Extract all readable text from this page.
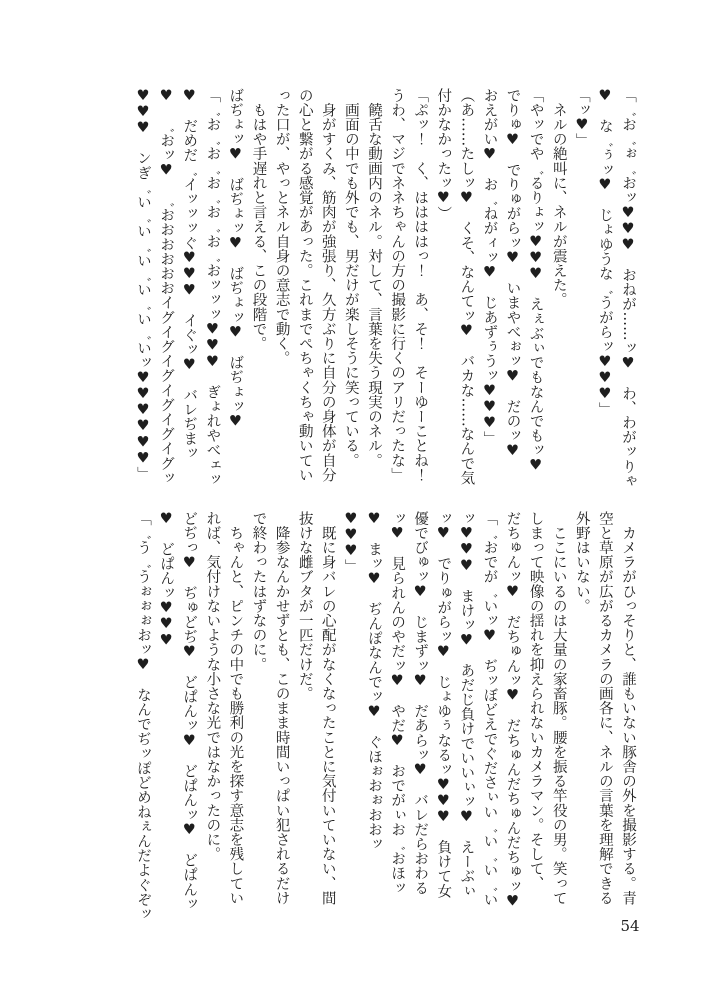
「゛お゛ぉ゛おッ♥♥♥　おねが……ッ♥　わ、わがッりゃ
♥　な゛ぅッ♥　じょゆうな゛うがらッ♥♥♥」
「ッ♥」
　ネルの絶叫に、ネルが震えた。
「やッでや゛るりょッ♥♥♥　えぇぶぃでもなんでもッ♥
でりゅ♥　でりゅがらッ♥　いまやべぉッ♥　だのッ♥
おえがい♥　お゛ねがィッ♥　じあずぅうッ♥♥♥」
（あ……たしッ♥　くそ、なんてッ♥　バカな……なんで気
付かなかったッ♥）
「ぷッ！　く、ははははっ！　あ、そ！　そーゆーことね！
うわ、マジでネネちゃんの方の撮影に行くのアリだったな」
　饒舌な動画内のネル。対して、言葉を失う現実のネル。
　画面の中でも外でも、男だけが楽しそうに笑っている。
　身がすくみ、筋肉が強張り、久方ぶりに自分の身体が自分
の心と繋がる感覚があった。これまでぺちゃくちゃ動いてい
った口が、やっとネル自身の意志で動く。
　もはや手遅れと言える、この段階で。
ばぢょッ♥　ばぢょッ♥　ばぢょッ♥　ばぢょッ♥
「゛お゛お゛お゛お゛お゛おッッッ♥♥♥　ぎょれやべェッ
♥　だめだ゛イッッッぐ♥♥♥　イぐッ♥　バレぢまッ
♥　゛おッ♥　゛おおおおおおイグイグイグイグイグイグッ
♥♥♥　ンぎ゛い゛い゛い゛い゛い゛いッ♥♥♥♥♥♥」
　カメラがひっそりと、誰もいない豚舎の外を撮影する。青
空と草原が広がるカメラの画各に、ネルの言葉を理解できる
外野はいない。
　ここにいるのは大量の家畜豚。腰を振る竿役の男。笑って
しまって映像の揺れを抑えられないカメラマン。そして、
だちゅんッ♥　だちゅんッ♥　だちゅんだちゅんだちゅッ♥
「゛おでが゛いッ♥　ぢッぼどえでぐださぃい゛い゛い゛い
ッ♥♥♥　まけッ♥　あだじ負けでいいぃッ♥　えーぶぃ
ッ♥　でりゅがらッ♥　じょゆぅなるッ♥♥♥　負けて女
優でびゅッ♥　じまずッ♥　だあらッ♥　バレだらおわる
ッ♥　見られんのやだッ♥　やだ♥　おでがぃお゛おほッ
♥　まッ♥　ぢんぽなんでッ♥　ぐほぉおぉおおッ
♥♥♥」
　既に身バレの心配がなくなったことに気付いていない、間
抜けな雌ブタが一匹だけだ。
　降参なんかせずとも、このまま時間いっぱい犯されるだけ
で終わったはずなのに。
　ちゃんと、ピンチの中でも勝利の光を探す意志を残してい
れば、気付けないような小さな光ではなかったのに。
どぢっ♥　ぢゅどぢ♥　どぱんッ♥　どぱんッ♥　どぱんッ
♥　どぱんッ♥♥♥
「゛う゛うぉぉぉおッ♥　なんでぢッぽどめねぇんだよぐぞッ
54
